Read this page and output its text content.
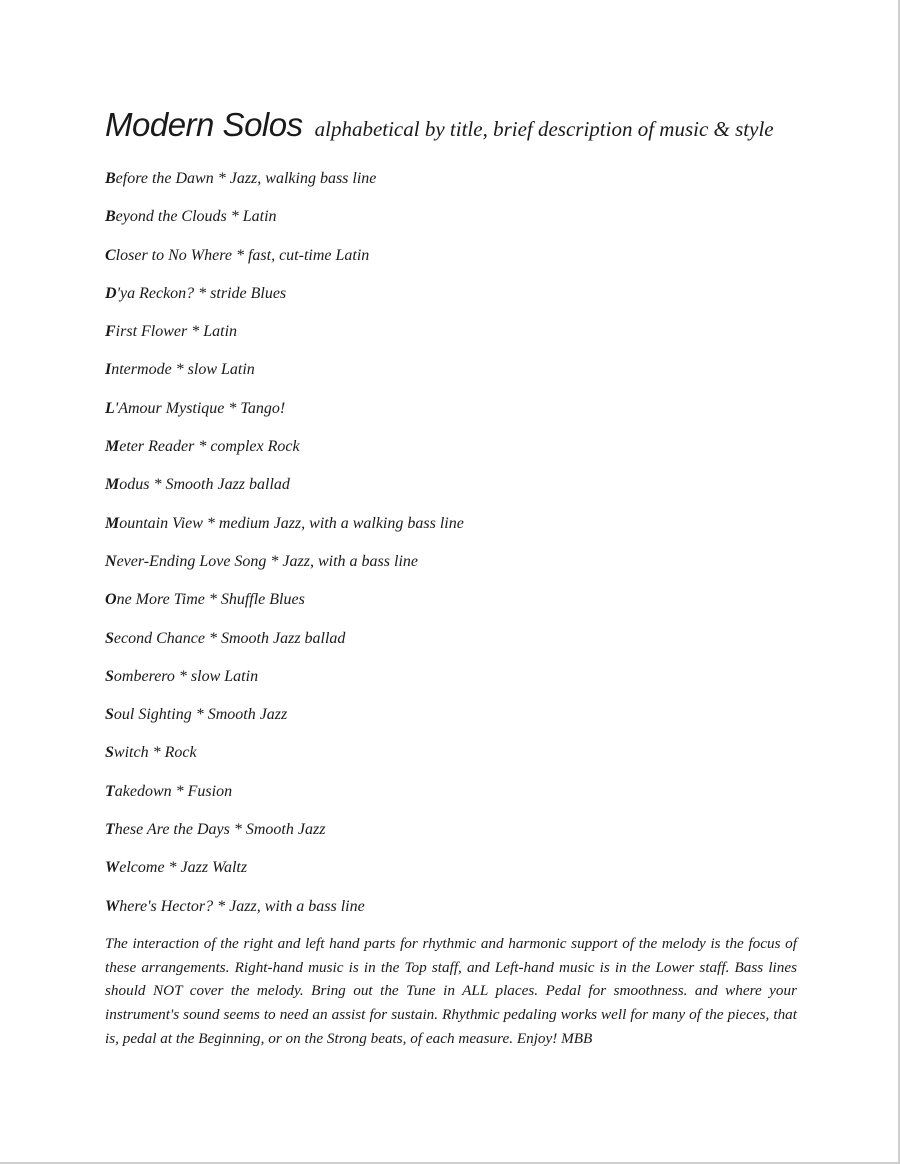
Modern Solos alphabetical by title, brief description of music & style
Before the Dawn * Jazz, walking bass line
Beyond the Clouds * Latin
Closer to No Where * fast, cut-time Latin
D'ya Reckon? * stride Blues
First Flower * Latin
Intermode * slow Latin
L'Amour Mystique * Tango!
Meter Reader * complex Rock
Modus * Smooth Jazz ballad
Mountain View * medium Jazz, with a walking bass line
Never-Ending Love Song * Jazz, with a bass line
One More Time * Shuffle Blues
Second Chance * Smooth Jazz ballad
Somberero * slow Latin
Soul Sighting * Smooth Jazz
Switch * Rock
Takedown * Fusion
These Are the Days * Smooth Jazz
Welcome * Jazz Waltz
Where's Hector? * Jazz, with a bass line

The interaction of the right and left hand parts for rhythmic and harmonic support of the melody is the focus of these arrangements. Right-hand music is in the Top staff, and Left-hand music is in the Lower staff. Bass lines should NOT cover the melody. Bring out the Tune in ALL places. Pedal for smoothness. and where your instrument's sound seems to need an assist for sustain. Rhythmic pedaling works well for many of the pieces, that is, pedal at the Beginning, or on the Strong beats, of each measure. Enjoy! MBB
